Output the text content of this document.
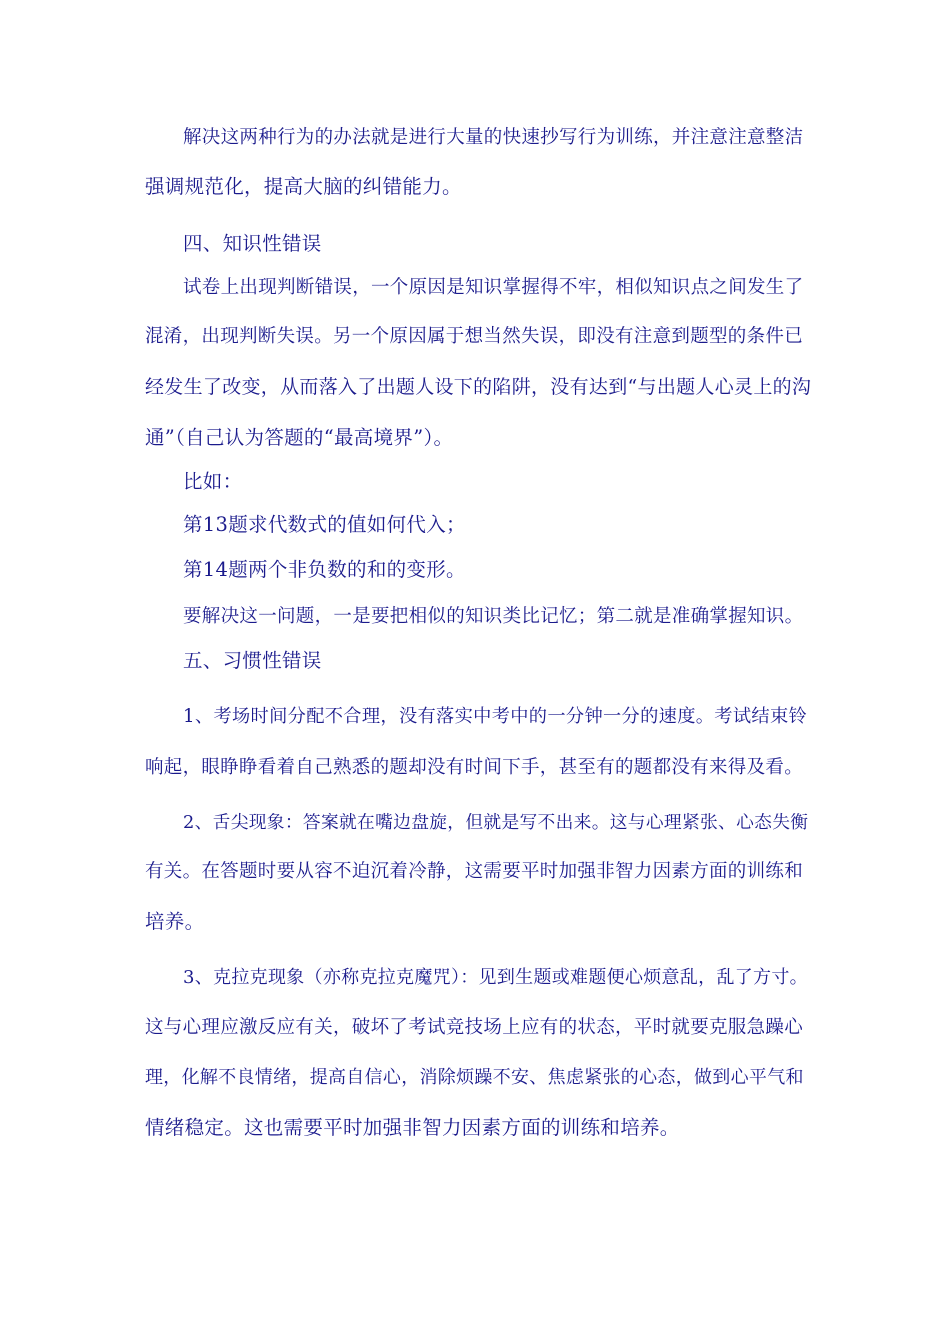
解决这两种行为的办法就是进行大量的快速抄写行为训练，并注意注意整洁
强调规范化，提高大脑的纠错能力。
四、知识性错误
试卷上出现判断错误，一个原因是知识掌握得不牢，相似知识点之间发生了
混淆，出现判断失误。另一个原因属于想当然失误，即没有注意到题型的条件已
经发生了改变，从而落入了出题人设下的陷阱，没有达到“与出题人心灵上的沟
通”（自己认为答题的“最高境界”）。
比如：
第13题求代数式的值如何代入；
第14题两个非负数的和的变形。
要解决这一问题，一是要把相似的知识类比记忆；第二就是准确掌握知识。
五、习惯性错误
1、考场时间分配不合理，没有落实中考中的一分钟一分的速度。考试结束铃
响起，眼睁睁看着自己熟悉的题却没有时间下手，甚至有的题都没有来得及看。
2、舌尖现象：答案就在嘴边盘旋，但就是写不出来。这与心理紧张、心态失衡
有关。在答题时要从容不迫沉着冷静，这需要平时加强非智力因素方面的训练和
培养。
3、克拉克现象（亦称克拉克魔咒）：见到生题或难题便心烦意乱，乱了方寸。
这与心理应激反应有关，破坏了考试竞技场上应有的状态，平时就要克服急躁心
理，化解不良情绪，提高自信心，消除烦躁不安、焦虑紧张的心态，做到心平气和
情绪稳定。这也需要平时加强非智力因素方面的训练和培养。
